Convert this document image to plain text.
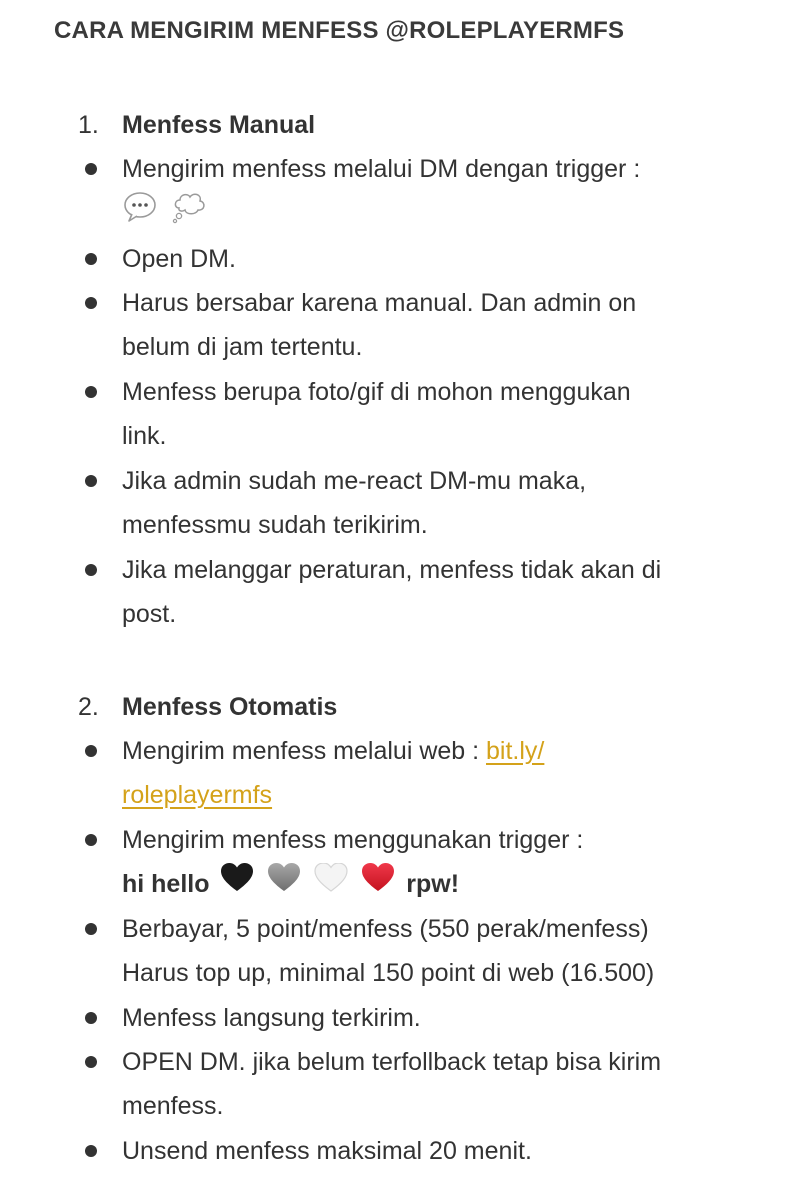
CARA MENGIRIM MENFESS @ROLEPLAYERMFS
1. Menfess Manual
Mengirim menfess melalui DM dengan trigger :

Open DM.
Harus bersabar karena manual. Dan admin on
belum di jam tertentu.
Menfess berupa foto/gif di mohon menggukan
link.
Jika admin sudah me-react DM-mu maka,
menfessmu sudah terikirim.
Jika melanggar peraturan, menfess tidak akan di
post.
2. Menfess Otomatis
Mengirim menfess melalui web : bit.ly/
roleplayermfs
Mengirim menfess menggunakan trigger :
hi hello	rpw!
Berbayar, 5 point/menfess (550 perak/menfess)
Harus top up, minimal 150 point di web (16.500)
Menfess langsung terkirim.
OPEN DM. jika belum terfollback tetap bisa kirim
menfess.
Unsend menfess maksimal 20 menit.
